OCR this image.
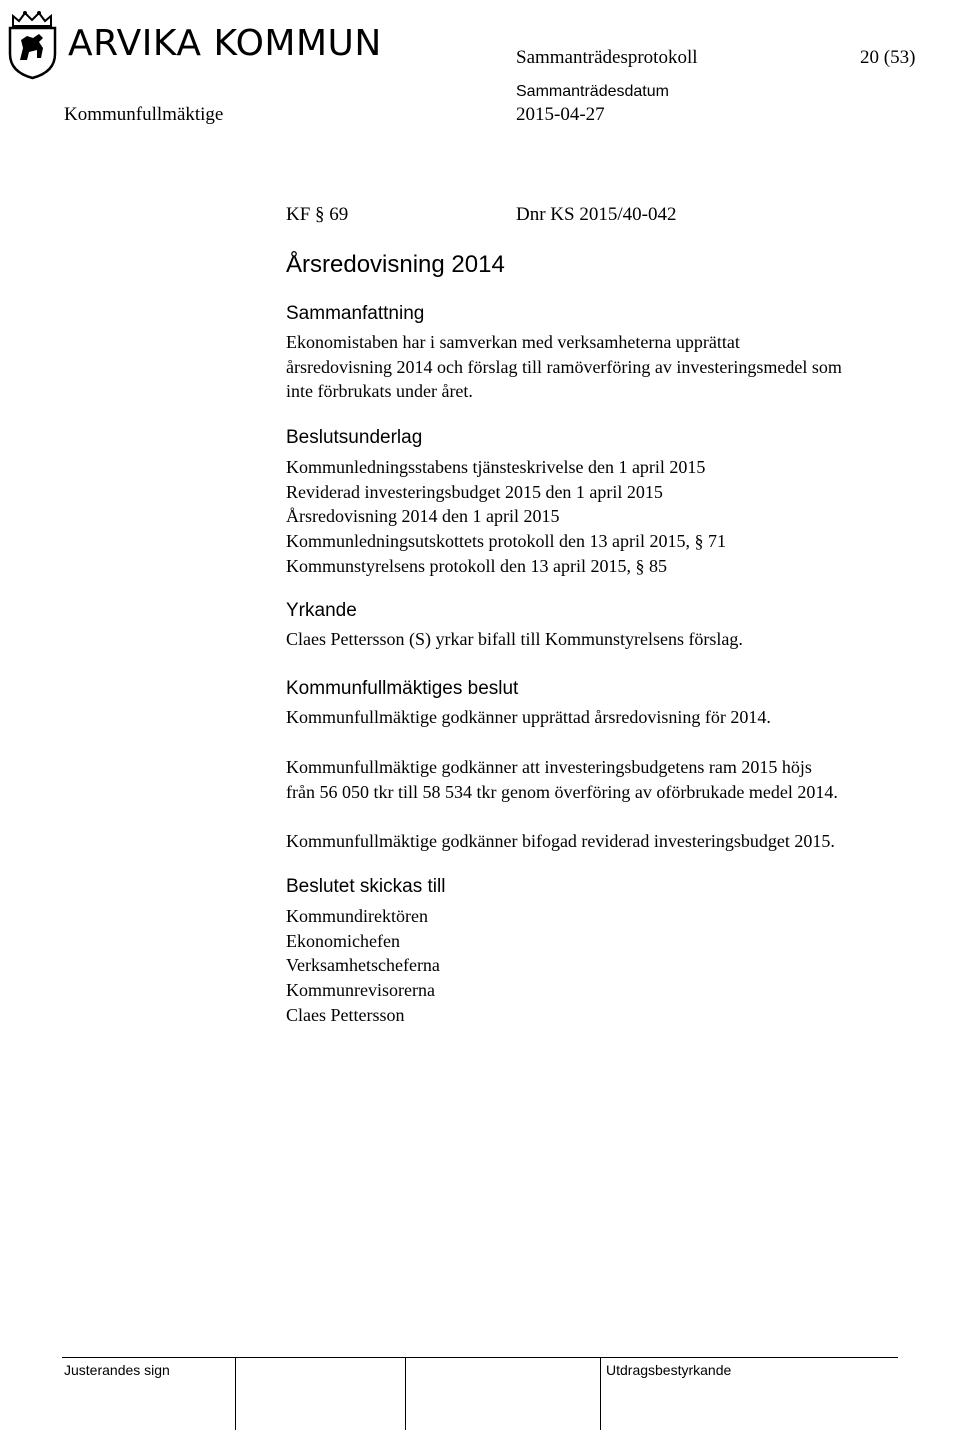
ARVIKA KOMMUN	Sammanträdesprotokoll	20 (53)
Kommunfullmäktige
Sammanträdesdatum
2015-04-27
KF § 69	Dnr KS 2015/40-042
Årsredovisning 2014
Sammanfattning
Ekonomistaben har i samverkan med verksamheterna upprättat
årsredovisning 2014 och förslag till ramöverföring av investeringsmedel som
inte förbrukats under året.
Beslutsunderlag
Kommunledningsstabens tjänsteskrivelse den 1 april 2015
Reviderad investeringsbudget 2015 den 1 april 2015
Årsredovisning 2014 den 1 april 2015
Kommunledningsutskottets protokoll den 13 april 2015, § 71
Kommunstyrelsens protokoll den 13 april 2015, § 85
Yrkande
Claes Pettersson (S) yrkar bifall till Kommunstyrelsens förslag.
Kommunfullmäktiges beslut
Kommunfullmäktige godkänner upprättad årsredovisning för 2014.
Kommunfullmäktige godkänner att investeringsbudgetens ram 2015 höjs
från 56 050 tkr till 58 534 tkr genom överföring av oförbrukade medel 2014.
Kommunfullmäktige godkänner bifogad reviderad investeringsbudget 2015.
Beslutet skickas till
Kommundirektören
Ekonomichefen
Verksamhetscheferna
Kommunrevisorerna
Claes Pettersson
Justerandes sign	Utdragsbestyrkande
